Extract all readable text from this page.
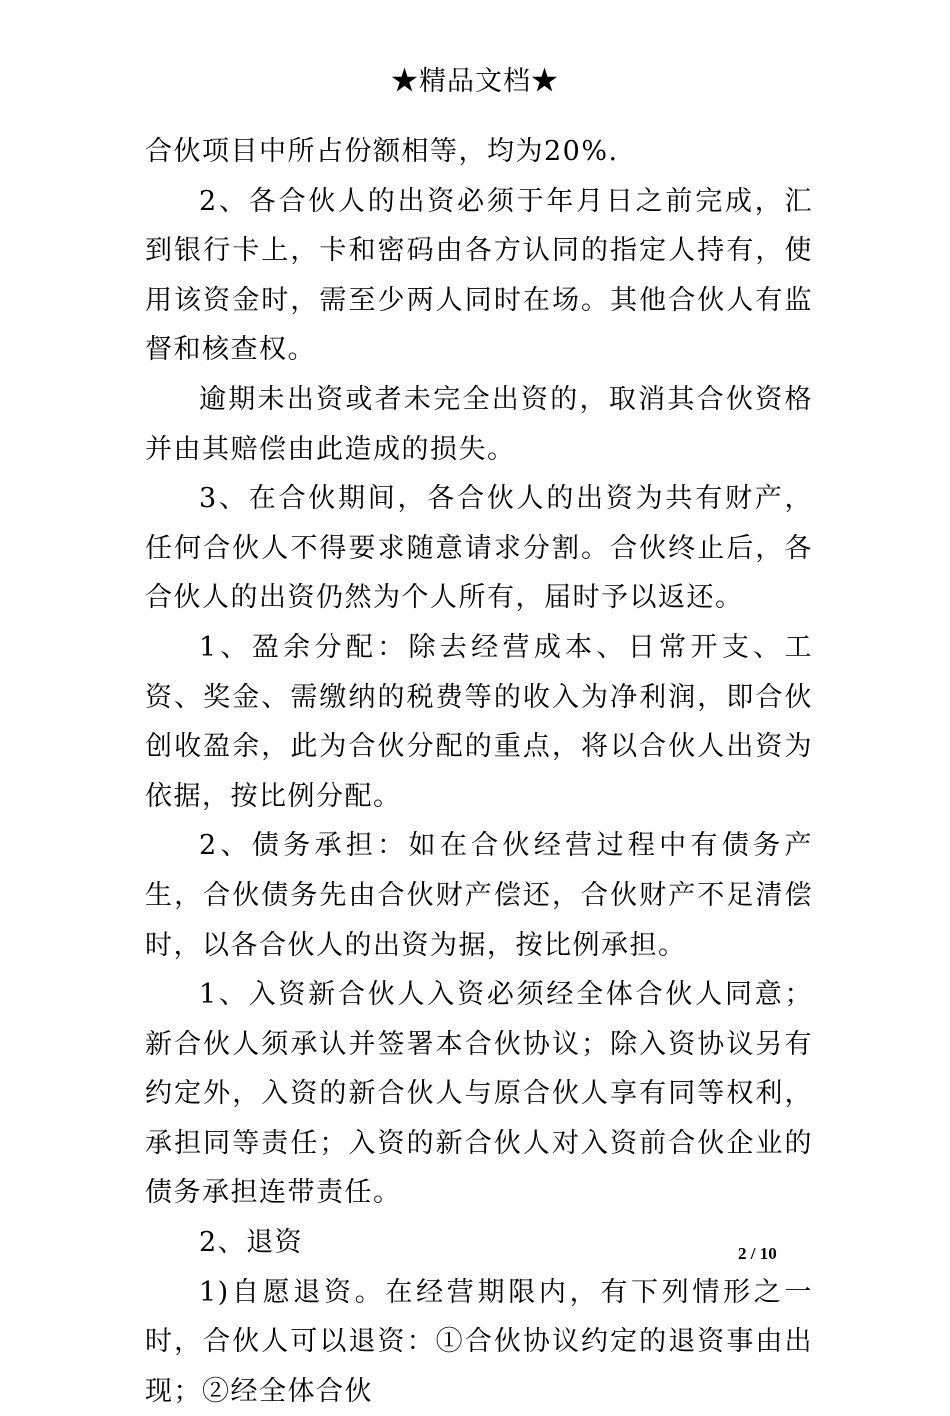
★精品文档★

合伙项目中所占份额相等，均为20%.

2、各合伙人的出资必须于年月日之前完成，汇到银行卡上，卡和密码由各方认同的指定人持有，使用该资金时，需至少两人同时在场。其他合伙人有监督和核查权。

逾期未出资或者未完全出资的，取消其合伙资格并由其赔偿由此造成的损失。

3、在合伙期间，各合伙人的出资为共有财产，任何合伙人不得要求随意请求分割。合伙终止后，各合伙人的出资仍然为个人所有，届时予以返还。

1、盈余分配：除去经营成本、日常开支、工资、奖金、需缴纳的税费等的收入为净利润，即合伙创收盈余，此为合伙分配的重点，将以合伙人出资为依据，按比例分配。

2、债务承担：如在合伙经营过程中有债务产生，合伙债务先由合伙财产偿还，合伙财产不足清偿时，以各合伙人的出资为据，按比例承担。

1、入资新合伙人入资必须经全体合伙人同意；新合伙人须承认并签署本合伙协议；除入资协议另有约定外，入资的新合伙人与原合伙人享有同等权利，承担同等责任；入资的新合伙人对入资前合伙企业的债务承担连带责任。

2、退资

1)自愿退资。在经营期限内，有下列情形之一时，合伙人可以退资：①合伙协议约定的退资事由出现；②经全体合伙

2 / 10
